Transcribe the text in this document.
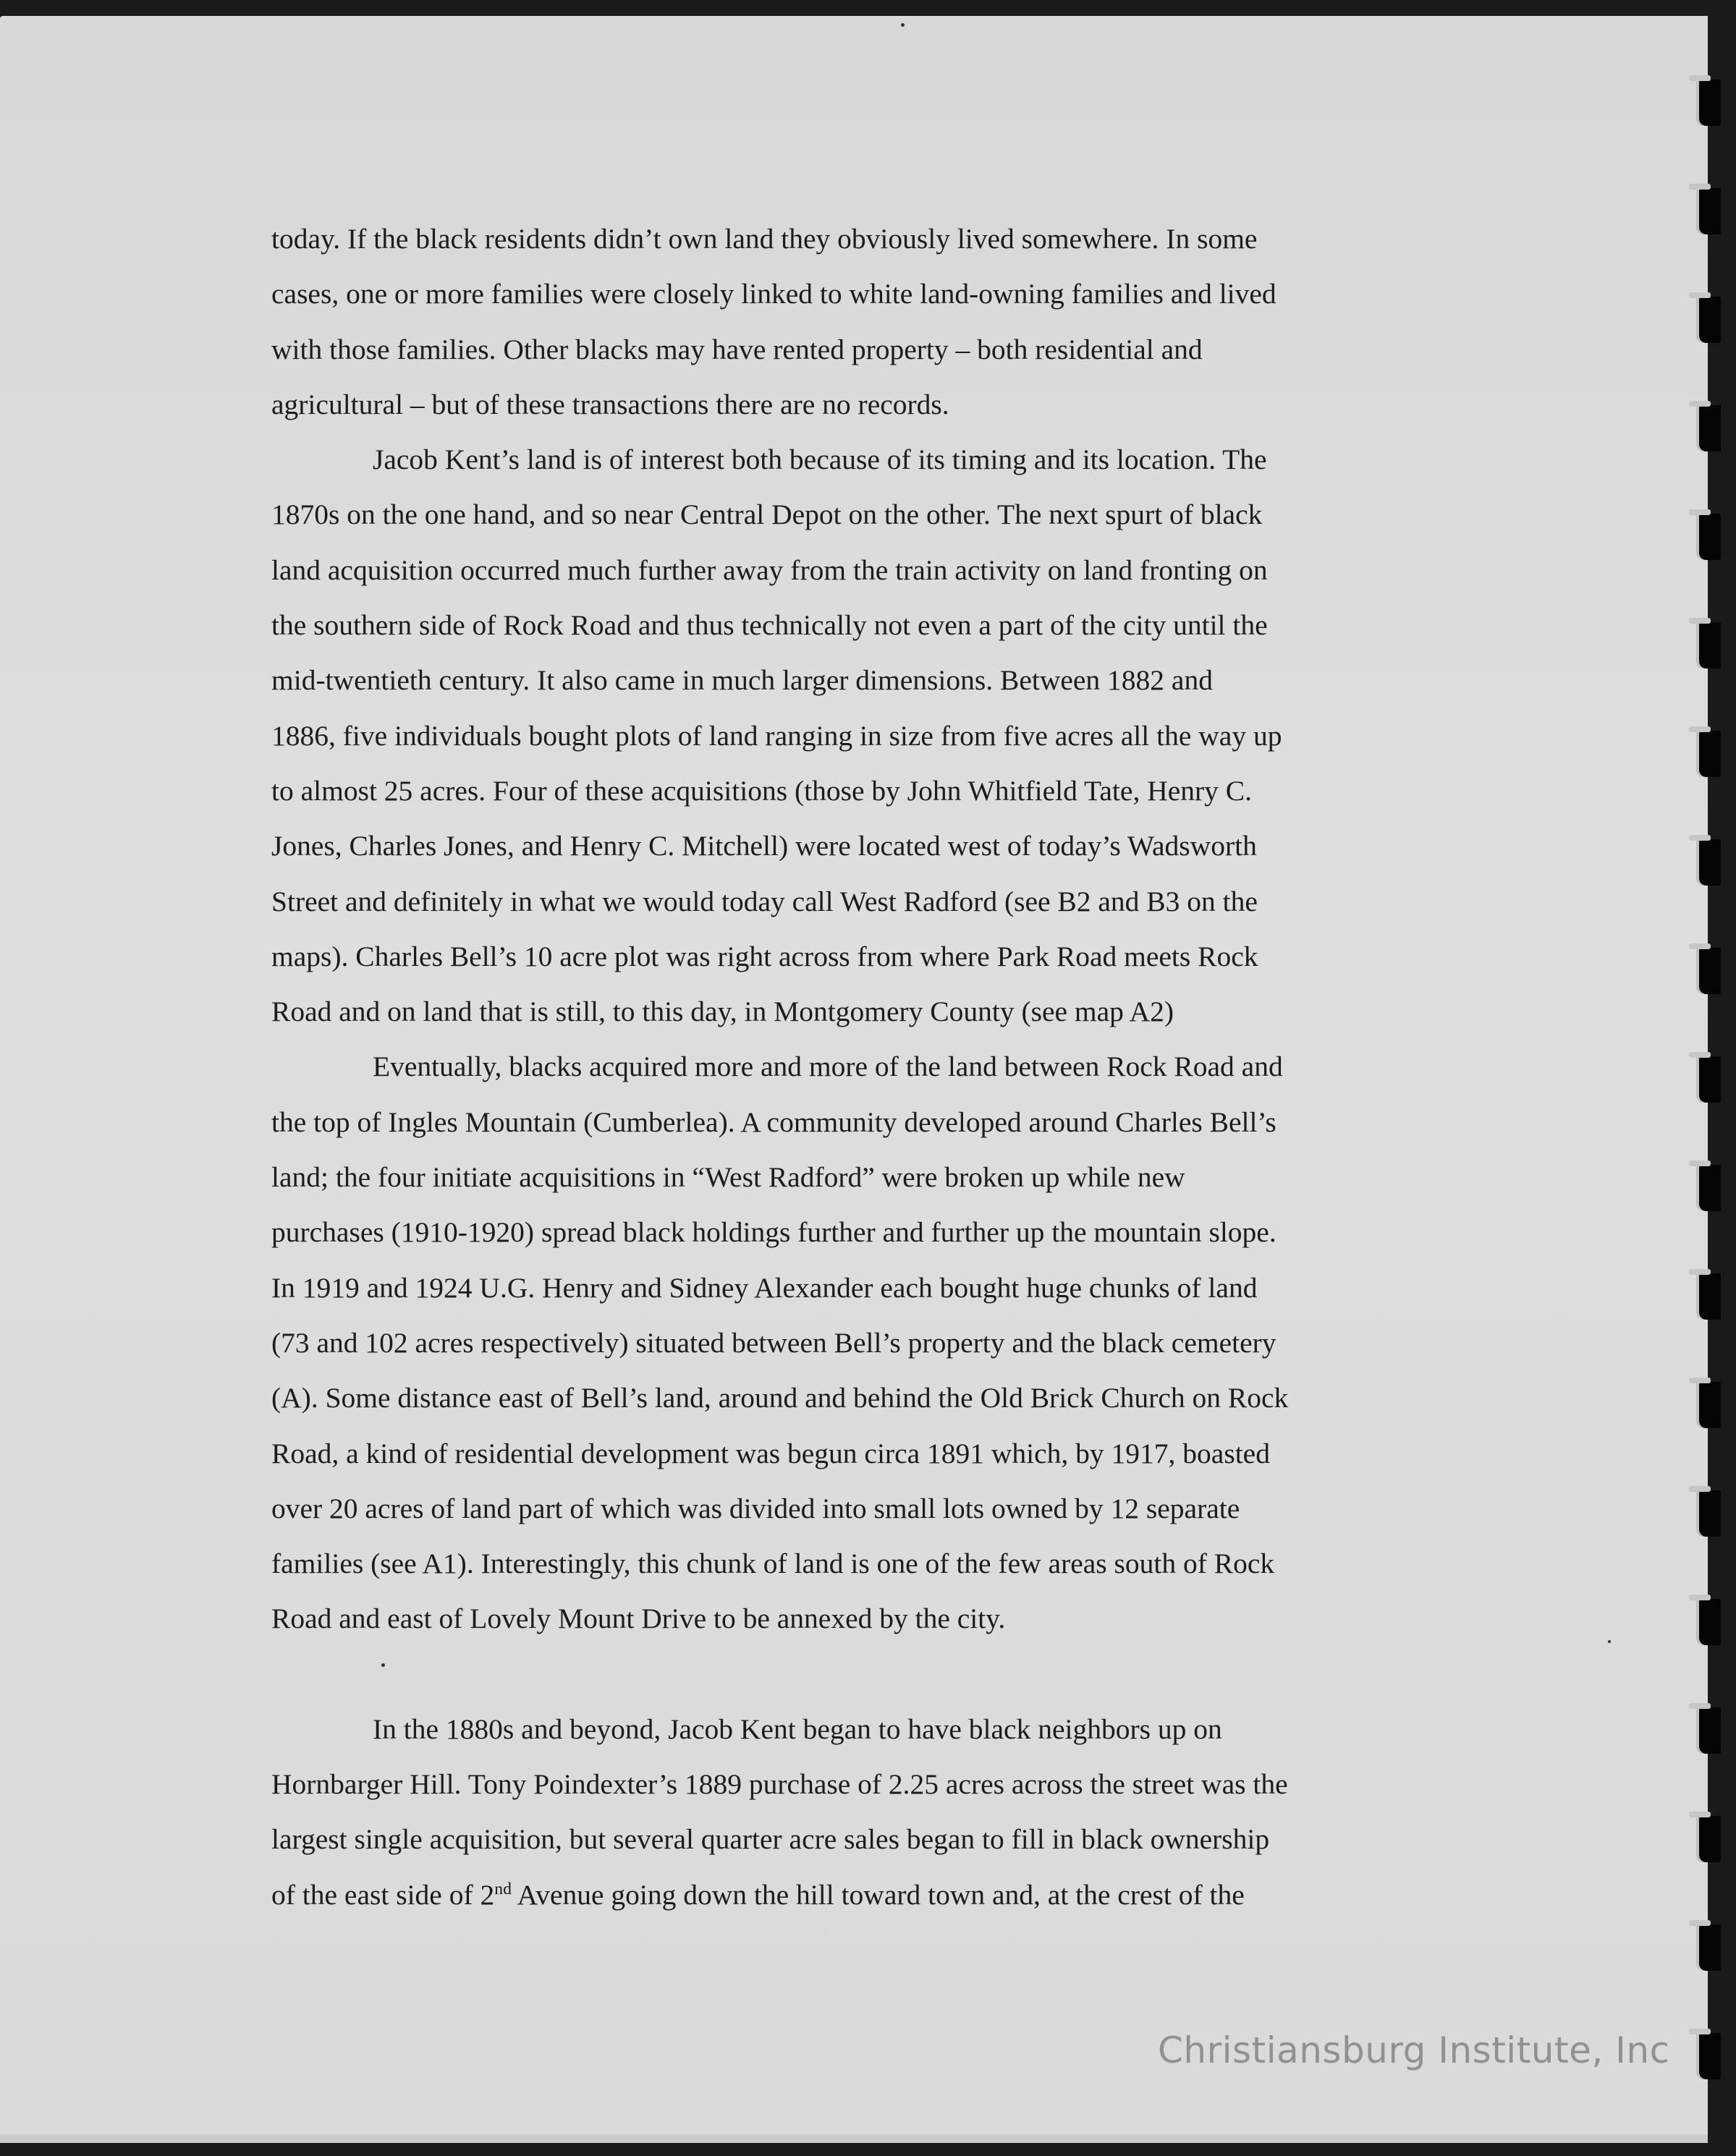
today. If the black residents didn’t own land they obviously lived somewhere. In some
cases, one or more families were closely linked to white land-owning families and lived
with those families. Other blacks may have rented property – both residential and
agricultural – but of these transactions there are no records.

Jacob Kent’s land is of interest both because of its timing and its location. The
1870s on the one hand, and so near Central Depot on the other. The next spurt of black
land acquisition occurred much further away from the train activity on land fronting on
the southern side of Rock Road and thus technically not even a part of the city until the
mid-twentieth century. It also came in much larger dimensions. Between 1882 and
1886, five individuals bought plots of land ranging in size from five acres all the way up
to almost 25 acres. Four of these acquisitions (those by John Whitfield Tate, Henry C.
Jones, Charles Jones, and Henry C. Mitchell) were located west of today’s Wadsworth
Street and definitely in what we would today call West Radford (see B2 and B3 on the
maps). Charles Bell’s 10 acre plot was right across from where Park Road meets Rock
Road and on land that is still, to this day, in Montgomery County (see map A2)

Eventually, blacks acquired more and more of the land between Rock Road and
the top of Ingles Mountain (Cumberlea). A community developed around Charles Bell’s
land; the four initiate acquisitions in “West Radford” were broken up while new
purchases (1910-1920) spread black holdings further and further up the mountain slope.
In 1919 and 1924 U.G. Henry and Sidney Alexander each bought huge chunks of land
(73 and 102 acres respectively) situated between Bell’s property and the black cemetery
(A). Some distance east of Bell’s land, around and behind the Old Brick Church on Rock
Road, a kind of residential development was begun circa 1891 which, by 1917, boasted
over 20 acres of land part of which was divided into small lots owned by 12 separate
families (see A1). Interestingly, this chunk of land is one of the few areas south of Rock
Road and east of Lovely Mount Drive to be annexed by the city.

In the 1880s and beyond, Jacob Kent began to have black neighbors up on
Hornbarger Hill. Tony Poindexter’s 1889 purchase of 2.25 acres across the street was the
largest single acquisition, but several quarter acre sales began to fill in black ownership
of the east side of 2nd Avenue going down the hill toward town and, at the crest of the

Christiansburg Institute, Inc
